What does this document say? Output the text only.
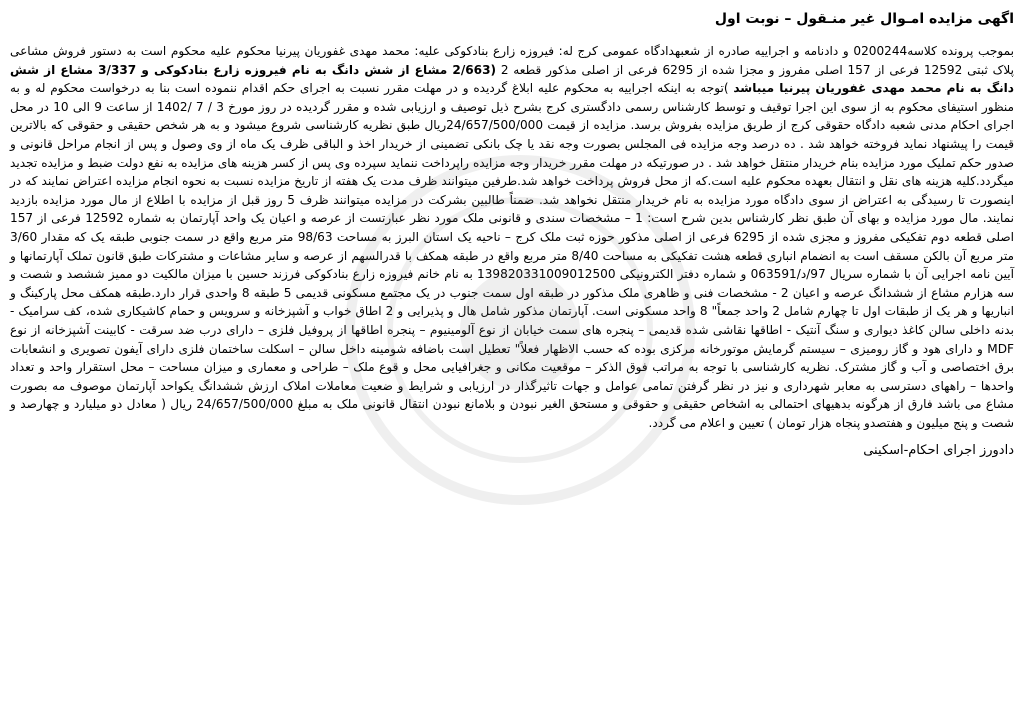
اگهی مزایده امـوال غیر منـقول – نوبت اول

بموجب پرونده کلاسه0200244 و دادنامه و اجراییه صادره از شعبهدادگاه عمومی کرج له: فیروزه زارع بنادکوکی علیه: محمد مهدی غفوریان پیرنیا محکوم علیه محکوم است به دستور فروش مشاعی پلاک ثبتی 12592 فرعی از 157 اصلی مفروز و مجزا شده از 6295 فرعی از اصلی مذکور قطعه 2 (2/663 مشاع از شش دانگ به نام فیروزه زارع بنادکوکی و 3/337 مشاع از شش دانگ به نام محمد مهدی غفوریان پیرنیا میباشد )توجه به اینکه اجراییه به محکوم علیه ابلاغ گردیده و در مهلت مقرر نسبت به اجرای حکم اقدام ننموده است بنا به درخواست محکوم له و به منظور استیفای محکوم به از سوی این اجرا توقیف و توسط کارشناس رسمی دادگستری کرج بشرح ذیل توصیف و ارزیابی شده و مقرر گردیده در روز مورخ 3 / 7 /1402 از ساعت 9 الی 10 در محل اجرای احکام مدنی شعبه دادگاه حقوقی کرج از طریق مزایده بفروش برسد. مزایده از قیمت 24/657/500/000ریال طبق نظریه کارشناسی شروع میشود و به هر شخص حقیقی و حقوقی که بالاترین قیمت را پیشنهاد نماید فروخته خواهد شد . ده درصد وجه مزایده فی المجلس بصورت وجه نقد یا چک بانکی تضمینی از خریدار اخذ و الباقی ظرف یک ماه از وی وصول و پس از انجام مراحل قانونی و صدور حکم تملیک مورد مزایده بنام خریدار منتقل خواهد شد . در صورتیکه در مهلت مقرر خریدار وجه مزایده راپرداخت ننماید سپرده وی پس از کسر هزینه های مزایده به نفع دولت ضبط و مزایده تجدید میگردد.کلیه هزینه های نقل و انتقال بعهده محکوم علیه است.که از محل فروش پرداخت خواهد شد.طرفین میتوانند ظرف مدت یک هفته از تاریخ مزایده نسبت به نحوه انجام مزایده اعتراض نمایند که در اینصورت تا رسیدگی به اعتراض از سوی دادگاه مورد مزایده به نام خریدار منتقل نخواهد شد. ضمناً طالبین بشرکت در مزایده میتوانند ظرف 5 روز قبل از مزایده با اطلاع از مال مورد مزایده بازدید نمایند. مال مورد مزایده و بهای آن طبق نظر کارشناس بدین شرح است: 1 – مشخصات سندی و قانونی ملک مورد نظر عبارتست از عرصه و اعیان یک واحد آپارتمان به شماره 12592 فرعی از 157 اصلی قطعه دوم تفکیکی مفروز و مجزی شده از 6295 فرعی از اصلی مذکور حوزه ثبت ملک کرج – ناحیه یک استان البرز به مساحت 98/63 متر مربع واقع در سمت جنوبی طبقه یک که مقدار 3/60 متر مربع آن بالکن مسقف است به انضمام انباری قطعه هشت تفکیکی به مساحت 8/40 متر مربع واقع در طبقه همکف با قدرالسهم از عرصه و سایر مشاعات و مشترکات طبق قانون تملک آپارتمانها و آیین نامه اجرایی آن با شماره سریال 97/د/063591 و شماره دفتر الکترونیکی 139820331009012500 به نام خانم فیروزه زارع بنادکوکی فرزند حسین با میزان مالکیت دو ممیز ششصد و شصت و سه هزارم مشاع از ششدانگ عرصه و اعیان 2 - مشخصات فنی و ظاهری ملک مذکور در طبقه اول سمت جنوب در یک مجتمع مسکونی قدیمی 5 طبقه 8 واحدی قرار دارد.طبقه همکف محل پارکینگ و انباریها و هر یک از طبقات اول تا چهارم شامل 2 واحد جمعاً" 8 واحد مسکونی است. آپارتمان مذکور شامل هال و پذیرایی و 2 اطاق خواب و آشپزخانه و سرویس و حمام کاشیکاری شده، کف سرامیک - بدنه داخلی سالن کاغذ دیواری و سنگ آنتیک - اطاقها نقاشی شده قدیمی – پنجره های سمت خیابان از نوع آلومینیوم – پنجره اطاقها از پروفیل فلزی – دارای درب ضد سرقت - کابینت آشپزخانه از نوع MDF و دارای هود و گاز رومیزی – سیستم گرمایش موتورخانه مرکزی بوده که حسب الاظهار فعلاً" تعطیل است باضافه شومینه داخل سالن – اسکلت ساختمان فلزی دارای آیفون تصویری و انشعابات برق اختصاصی و آب و گاز مشترک. نظریه کارشناسی با توجه به مراتب فوق الذکر – موقعیت مکانی و جغرافیایی محل و قوع ملک – طراحی و معماری و میزان مساحت – محل استقرار واحد و تعداد واحدها – راههای دسترسی به معابر شهرداری و نیز در نظر گرفتن تمامی عوامل و جهات تاثیرگذار در ارزیابی و شرایط و ضعیت معاملات املاک ارزش ششدانگ یکواحد آپارتمان موصوف مه بصورت مشاع می باشد فارق از هرگونه بدهیهای احتمالی به اشخاص حقیقی و حقوقی و مستحق الغیر نبودن و بلامانع نبودن انتقال قانونی ملک به مبلغ 24/657/500/000 ریال ( معادل دو میلیارد و چهارصد و شصت و پنج میلیون و هفتصدو پنجاه هزار تومان ) تعیین و اعلام می گردد.

دادورز اجرای احکام-اسکینی
